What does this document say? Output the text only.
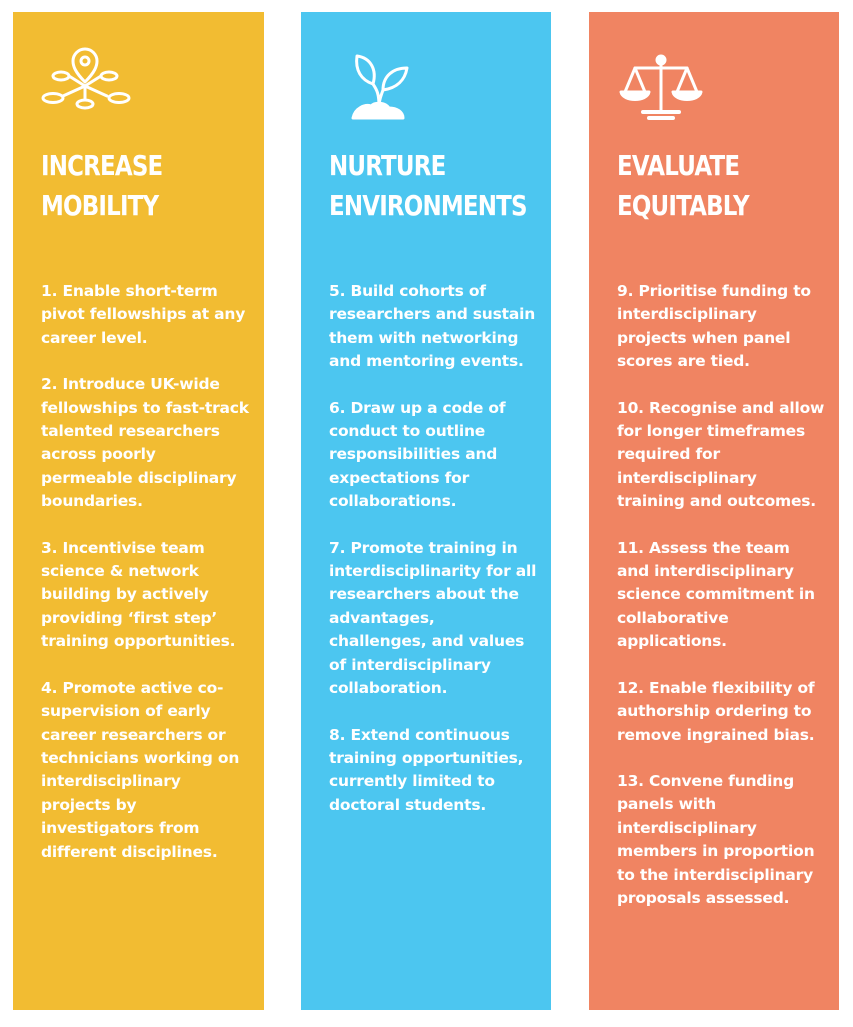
INCREASE
MOBILITY
1. Enable short-term pivot fellowships at any career level.
2. Introduce UK-wide fellowships to fast-track talented researchers across poorly permeable disciplinary boundaries.
3. Incentivise team science & network building by actively providing ‘first step’ training opportunities.
4. Promote active co-supervision of early career researchers or technicians working on interdisciplinary projects by investigators from different disciplines.
NURTURE
ENVIRONMENTS
5. Build cohorts of researchers and sustain them with networking and mentoring events.
6. Draw up a code of conduct to outline responsibilities and expectations for collaborations.
7. Promote training in interdisciplinarity for all researchers about the advantages, challenges, and values of interdisciplinary collaboration.
8. Extend continuous training opportunities, currently limited to doctoral students.
EVALUATE
EQUITABLY
9. Prioritise funding to interdisciplinary projects when panel scores are tied.
10. Recognise and allow for longer timeframes required for interdisciplinary training and outcomes.
11. Assess the team and interdisciplinary science commitment in collaborative applications.
12. Enable flexibility of authorship ordering to remove ingrained bias.
13. Convene funding panels with interdisciplinary members in proportion to the interdisciplinary proposals assessed.
